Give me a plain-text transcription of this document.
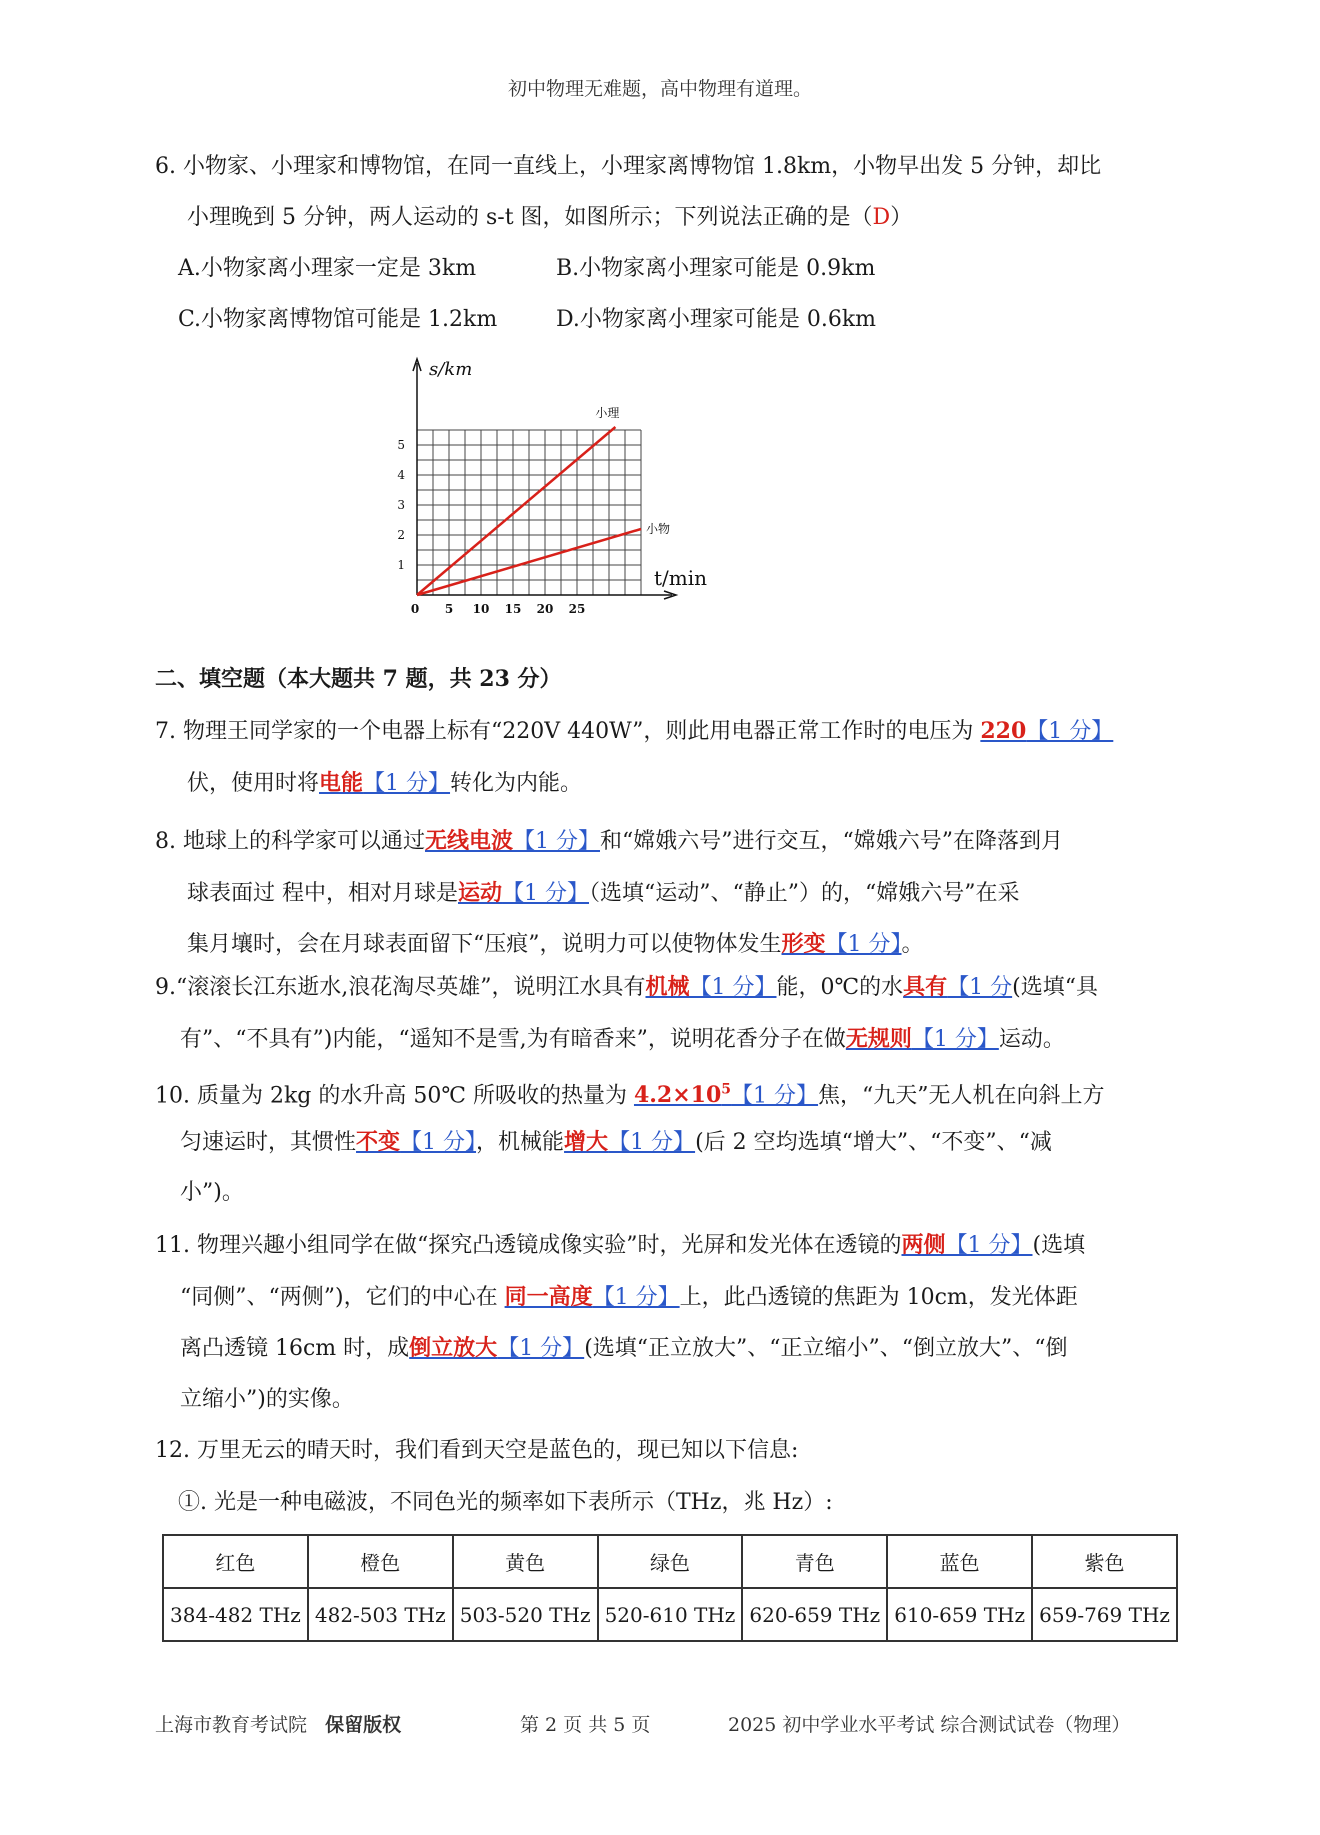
初中物理无难题，高中物理有道理。
6. 小物家、小理家和博物馆，在同一直线上，小理家离博物馆 1.8km，小物早出发 5 分钟，却比
小理晚到 5 分钟，两人运动的 s-t 图，如图所示；下列说法正确的是（D）
A.小物家离小理家一定是 3km	B.小物家离小理家可能是 0.9km
C.小物家离博物馆可能是 1.2km	D.小物家离小理家可能是 0.6km
s/km
t/min
0 5 10 15 20 25
1
2
3
4
5
小理
小物
二、填空题（本大题共 7 题，共 23 分）
7. 物理王同学家的一个电器上标有“220V 440W”，则此用电器正常工作时的电压为 220【1 分】
伏，使用时将电能【1 分】转化为内能。
8. 地球上的科学家可以通过无线电波【1 分】和“嫦娥六号”进行交互，“嫦娥六号”在降落到月
球表面过 程中，相对月球是运动【1 分】（选填“运动”、“静止”）的，“嫦娥六号”在采
集月壤时，会在月球表面留下“压痕”，说明力可以使物体发生形变【1 分】。
9.“滚滚长江东逝水,浪花淘尽英雄”，说明江水具有机械【1 分】能，0℃的水具有【1 分(选填“具
有”、“不具有”)内能，“遥知不是雪,为有暗香来”，说明花香分子在做无规则【1 分】运动。
10. 质量为 2kg 的水升高 50℃ 所吸收的热量为 $4.2\times 10^5$【1 分】焦，“九天”无人机在向斜上方
匀速运时，其惯性不变【1 分】，机械能增大【1 分】(后 2 空均选填“增大”、“不变”、“减
小”)。
11. 物理兴趣小组同学在做“探究凸透镜成像实验”时，光屏和发光体在透镜的两侧【1 分】(选填
“同侧”、“两侧”)，它们的中心在 同一高度【1 分】上，此凸透镜的焦距为 10cm，发光体距
离凸透镜 16cm 时，成倒立放大【1 分】(选填“正立放大”、“正立缩小”、“倒立放大”、“倒
立缩小”)的实像。
12. 万里无云的晴天时，我们看到天空是蓝色的，现已知以下信息:
①. 光是一种电磁波，不同色光的频率如下表所示（THz，兆 Hz）:
红色	橙色	黄色	绿色	青色	蓝色	紫色
384-482 THz	482-503 THz	503-520 THz	520-610 THz	620-659 THz	610-659 THz	659-769 THz
上海市教育考试院 保留版权	第 2 页 共 5 页	2025 初中学业水平考试 综合测试试卷（物理）
